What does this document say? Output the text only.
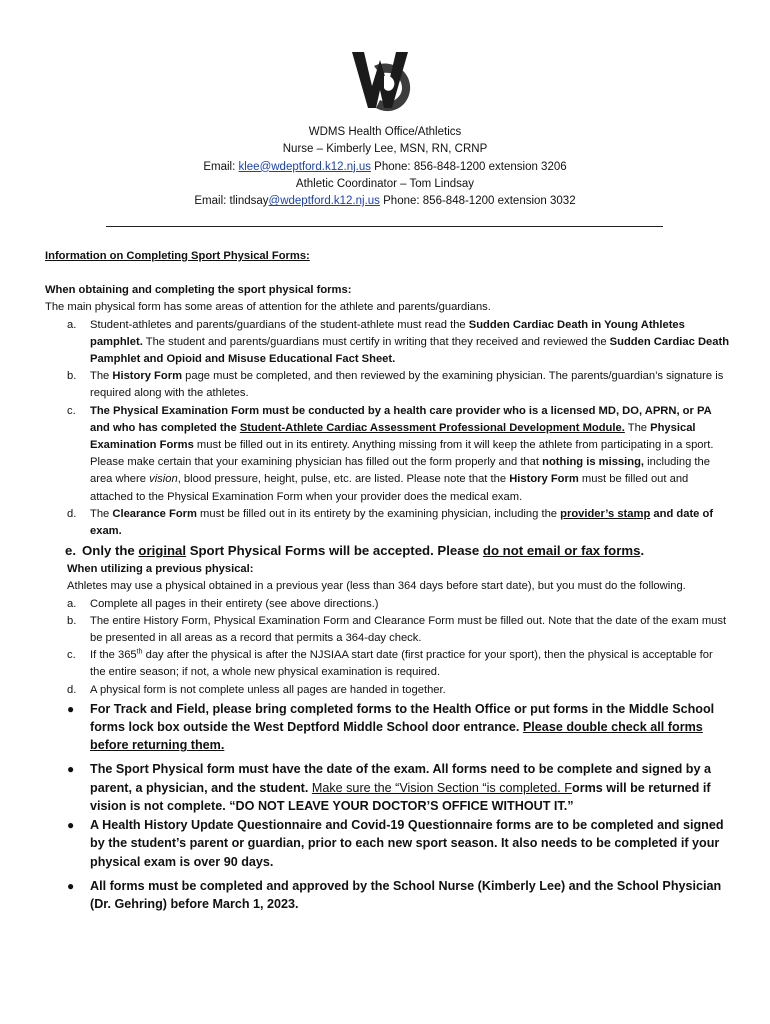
WDMS Health Office/Athletics
Nurse – Kimberly Lee, MSN, RN, CRNP
Email: klee@wdeptford.k12.nj.us Phone: 856-848-1200 extension 3206
Athletic Coordinator – Tom Lindsay
Email: tlindsay@wdeptford.k12.nj.us Phone: 856-848-1200 extension 3032
Information on Completing Sport Physical Forms:
When obtaining and completing the sport physical forms:
The main physical form has some areas of attention for the athlete and parents/guardians.
a. Student-athletes and parents/guardians of the student-athlete must read the Sudden Cardiac Death in Young Athletes pamphlet. The student and parents/guardians must certify in writing that they received and reviewed the Sudden Cardiac Death Pamphlet and Opioid and Misuse Educational Fact Sheet.
b. The History Form page must be completed, and then reviewed by the examining physician. The parents/guardian’s signature is required along with the athletes.
c. The Physical Examination Form must be conducted by a health care provider who is a licensed MD, DO, APRN, or PA and who has completed the Student-Athlete Cardiac Assessment Professional Development Module. The Physical Examination Forms must be filled out in its entirety. Anything missing from it will keep the athlete from participating in a sport. Please make certain that your examining physician has filled out the form properly and that nothing is missing, including the area where vision, blood pressure, height, pulse, etc. are listed. Please note that the History Form must be filled out and attached to the Physical Examination Form when your provider does the medical exam.
d. The Clearance Form must be filled out in its entirety by the examining physician, including the provider’s stamp and date of exam.
e. Only the original Sport Physical Forms will be accepted. Please do not email or fax forms.
When utilizing a previous physical:
Athletes may use a physical obtained in a previous year (less than 364 days before start date), but you must do the following.
a. Complete all pages in their entirety (see above directions.)
b. The entire History Form, Physical Examination Form and Clearance Form must be filled out. Note that the date of the exam must be presented in all areas as a record that permits a 364-day check.
c. If the 365th day after the physical is after the NJSIAA start date (first practice for your sport), then the physical is acceptable for the entire season; if not, a whole new physical examination is required.
d. A physical form is not complete unless all pages are handed in together.
● For Track and Field, please bring completed forms to the Health Office or put forms in the Middle School forms lock box outside the West Deptford Middle School door entrance. Please double check all forms before returning them.
● The Sport Physical form must have the date of the exam. All forms need to be complete and signed by a parent, a physician, and the student. Make sure the “Vision Section “is completed. Forms will be returned if vision is not complete. “DO NOT LEAVE YOUR DOCTOR’S OFFICE WITHOUT IT.”
● A Health History Update Questionnaire and Covid-19 Questionnaire forms are to be completed and signed by the student’s parent or guardian, prior to each new sport season. It also needs to be completed if your physical exam is over 90 days.
● All forms must be completed and approved by the School Nurse (Kimberly Lee) and the School Physician (Dr. Gehring) before March 1, 2023.
